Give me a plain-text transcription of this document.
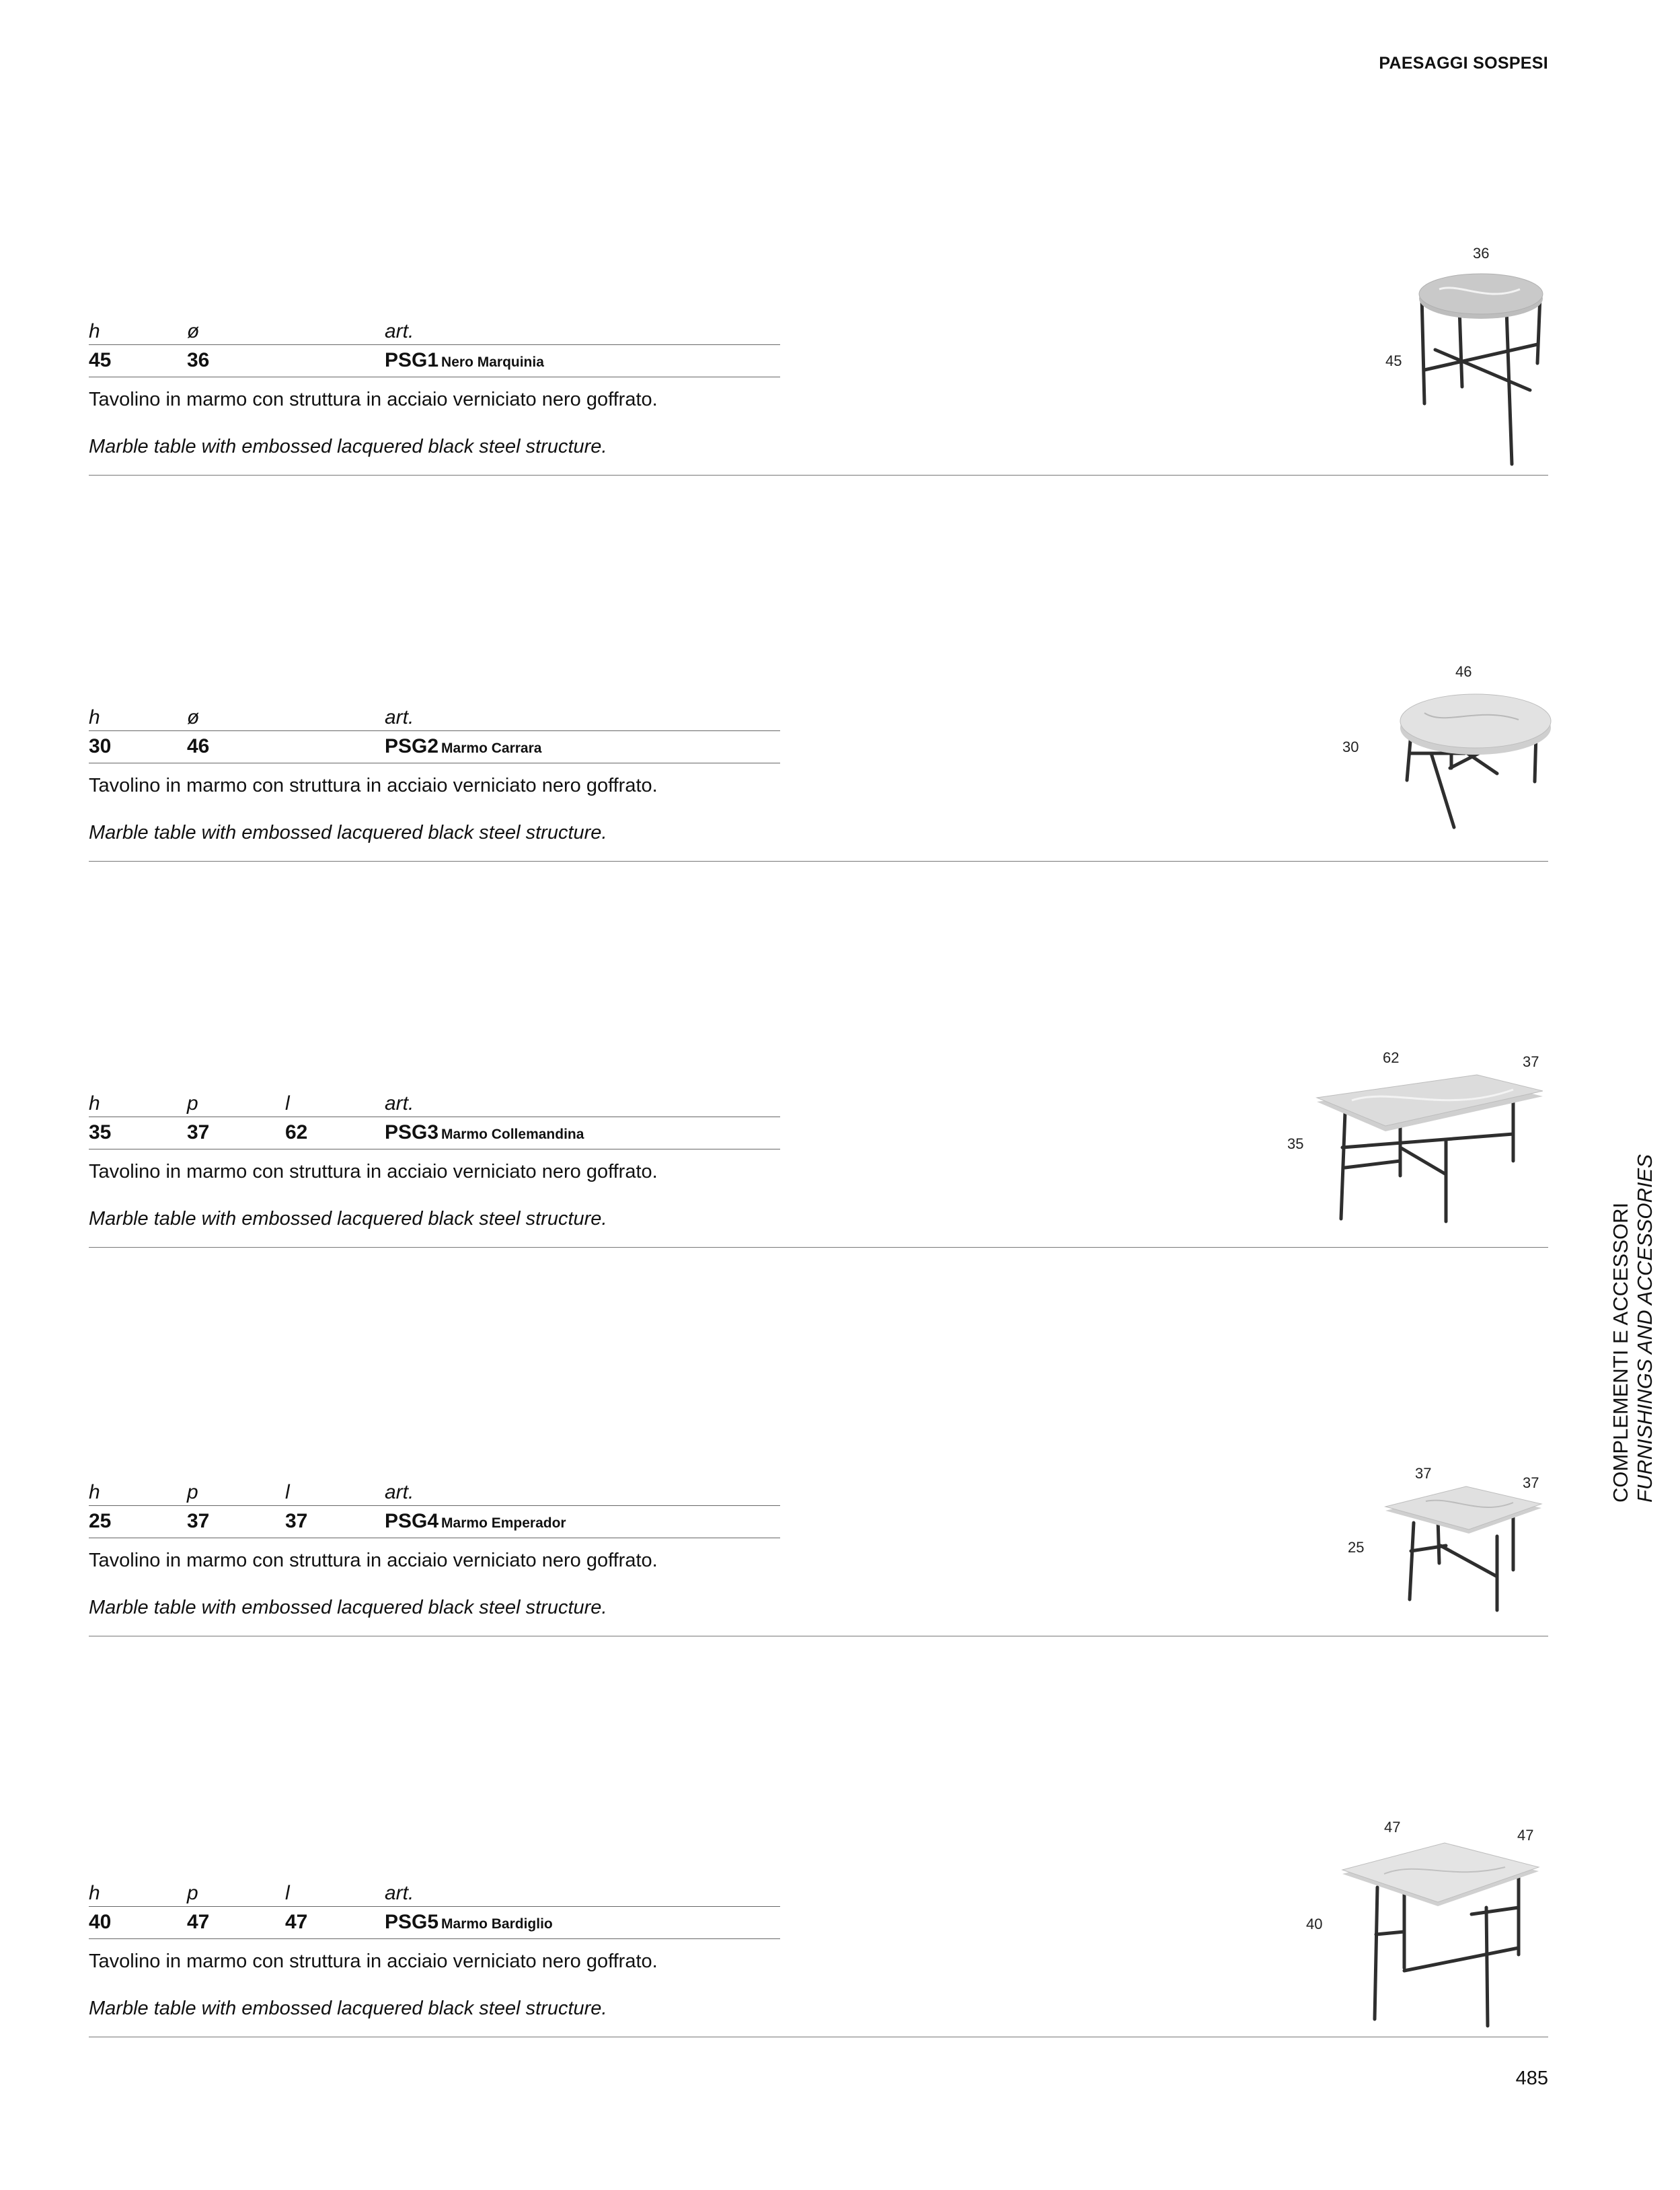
PAESAGGI SOSPESI
h	ø	art.
45	36	PSG1 Nero Marquinia
Tavolino in marmo con struttura in acciaio verniciato nero goffrato.
Marble table with embossed lacquered black steel structure.
36
45
h	ø	art.
30	46	PSG2 Marmo Carrara
Tavolino in marmo con struttura in acciaio verniciato nero goffrato.
Marble table with embossed lacquered black steel structure.
46
30
h	p	l	art.
35	37	62	PSG3 Marmo Collemandina
Tavolino in marmo con struttura in acciaio verniciato nero goffrato.
Marble table with embossed lacquered black steel structure.
62	37
35
h	p	l	art.
25	37	37	PSG4 Marmo Emperador
Tavolino in marmo con struttura in acciaio verniciato nero goffrato.
Marble table with embossed lacquered black steel structure.
37
37
25
h	p	l	art.
40	47	47	PSG5 Marmo Bardiglio
Tavolino in marmo con struttura in acciaio verniciato nero goffrato.
Marble table with embossed lacquered black steel structure.
47	47
40
COMPLEMENTI E ACCESSORI FURNISHINGS AND ACCESSORIES
485
